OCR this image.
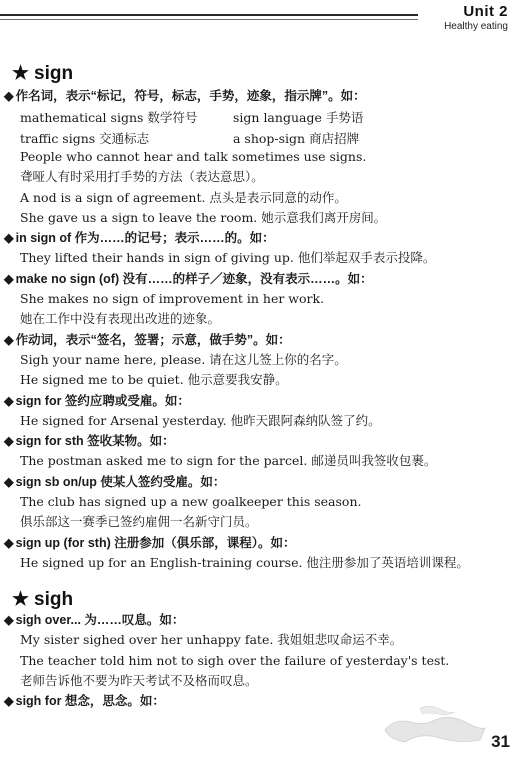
Unit 2
Healthy eating
★ sign
◆ 作名词，表示“标记，符号，标志，手势，迹象，指示牌”。如：
mathematical signs 数学符号	sign language 手势语
traffic signs 交通标志	a shop-sign 商店招牌
People who cannot hear and talk sometimes use signs.
聋哑人有时采用打手势的方法（表达意思）。
A nod is a sign of agreement. 点头是表示同意的动作。
She gave us a sign to leave the room. 她示意我们离开房间。
◆ in sign of 作为……的记号；表示……的。如：
They lifted their hands in sign of giving up. 他们举起双手表示投降。
◆ make no sign (of) 没有……的样子／迹象，没有表示……。如：
She makes no sign of improvement in her work.
她在工作中没有表现出改进的迹象。
◆ 作动词，表示“签名，签署；示意，做手势”。如：
Sigh your name here, please. 请在这儿签上你的名字。
He signed me to be quiet. 他示意要我安静。
◆ sign for 签约应聘或受雇。如：
He signed for Arsenal yesterday. 他昨天跟阿森纳队签了约。
◆ sign for sth 签收某物。如：
The postman asked me to sign for the parcel. 邮递员叫我签收包裹。
◆ sign sb on/up 使某人签约受雇。如：
The club has signed up a new goalkeeper this season.
俱乐部这一赛季已签约雇佣一名新守门员。
◆ sign up (for sth) 注册参加（俱乐部，课程）。如：
He signed up for an English-training course. 他注册参加了英语培训课程。
★ sigh
◆ sigh over... 为……叹息。如：
My sister sighed over her unhappy fate. 我姐姐悲叹命运不幸。
The teacher told him not to sigh over the failure of yesterday's test.
老师告诉他不要为昨天考试不及格而叹息。
◆ sigh for 想念，思念。如：
31
